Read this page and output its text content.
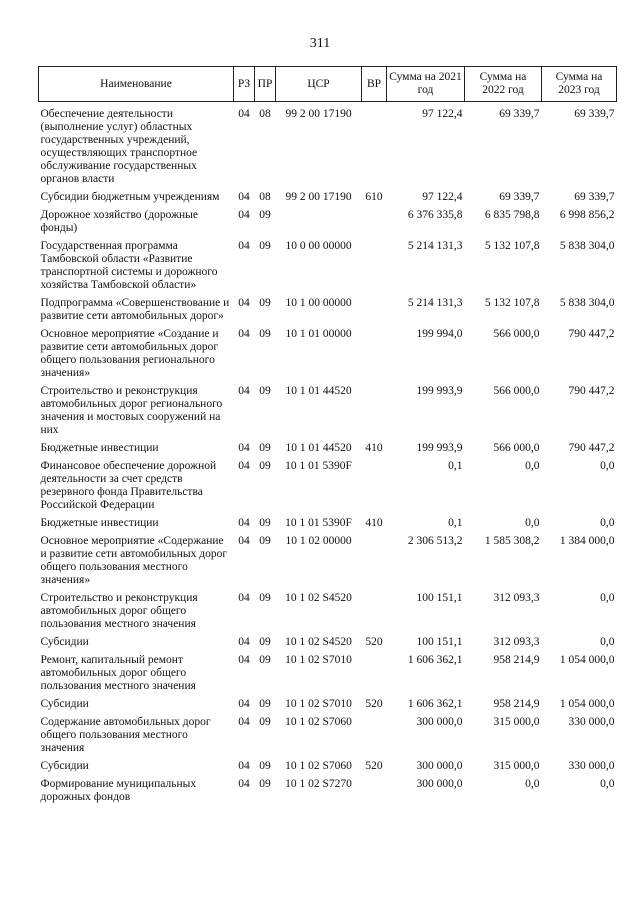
311
Наименование	РЗ	ПР	ЦСР	ВР	Сумма на 2021 год	Сумма на 2022 год	Сумма на 2023 год
Обеспечение деятельности (выполнение услуг) областных государственных учреждений, осуществляющих транспортное обслуживание государственных органов власти	04	08	99 2 00 17190		97 122,4	69 339,7	69 339,7
Субсидии бюджетным учреждениям	04	08	99 2 00 17190	610	97 122,4	69 339,7	69 339,7
Дорожное хозяйство (дорожные фонды)	04	09			6 376 335,8	6 835 798,8	6 998 856,2
Государственная программа Тамбовской области «Развитие транспортной системы и дорожного хозяйства Тамбовской области»	04	09	10 0 00 00000		5 214 131,3	5 132 107,8	5 838 304,0
Подпрограмма «Совершенствование и развитие сети автомобильных дорог»	04	09	10 1 00 00000		5 214 131,3	5 132 107,8	5 838 304,0
Основное мероприятие «Создание и развитие сети автомобильных дорог общего пользования регионального значения»	04	09	10 1 01 00000		199 994,0	566 000,0	790 447,2
Строительство и реконструкция автомобильных дорог регионального значения и мостовых сооружений на них	04	09	10 1 01 44520		199 993,9	566 000,0	790 447,2
Бюджетные инвестиции	04	09	10 1 01 44520	410	199 993,9	566 000,0	790 447,2
Финансовое обеспечение дорожной деятельности за счет средств резервного фонда Правительства Российской Федерации	04	09	10 1 01 5390F		0,1	0,0	0,0
Бюджетные инвестиции	04	09	10 1 01 5390F	410	0,1	0,0	0,0
Основное мероприятие «Содержание и развитие сети автомобильных дорог общего пользования местного значения»	04	09	10 1 02 00000		2 306 513,2	1 585 308,2	1 384 000,0
Строительство и реконструкция автомобильных дорог общего пользования местного значения	04	09	10 1 02 S4520		100 151,1	312 093,3	0,0
Субсидии	04	09	10 1 02 S4520	520	100 151,1	312 093,3	0,0
Ремонт, капитальный ремонт автомобильных дорог общего пользования местного значения	04	09	10 1 02 S7010		1 606 362,1	958 214,9	1 054 000,0
Субсидии	04	09	10 1 02 S7010	520	1 606 362,1	958 214,9	1 054 000,0
Содержание автомобильных дорог общего пользования местного значения	04	09	10 1 02 S7060		300 000,0	315 000,0	330 000,0
Субсидии	04	09	10 1 02 S7060	520	300 000,0	315 000,0	330 000,0
Формирование муниципальных дорожных фондов	04	09	10 1 02 S7270		300 000,0	0,0	0,0
